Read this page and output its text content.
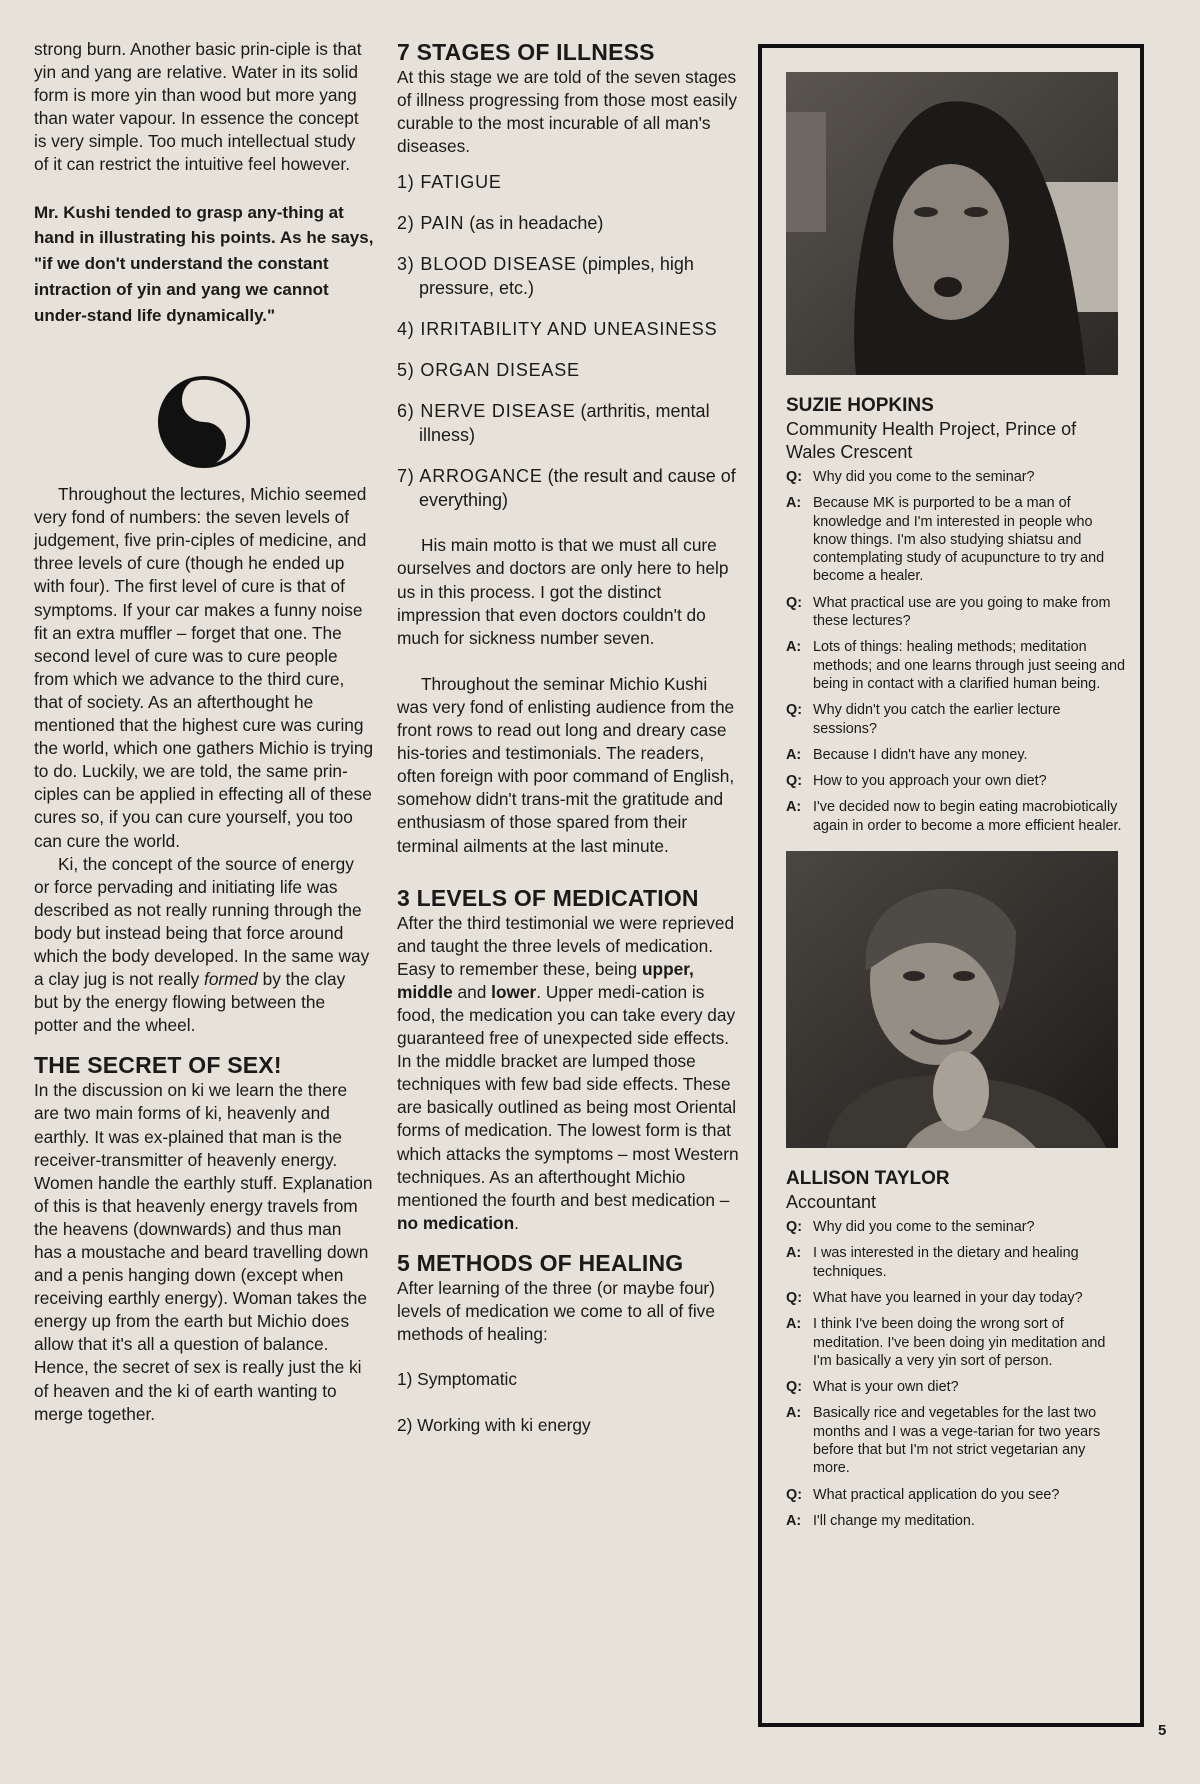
strong burn. Another basic prin-ciple is that yin and yang are relative. Water in its solid form is more yin than wood but more yang than water vapour. In essence the concept is very simple. Too much intellectual study of it can restrict the intuitive feel however.

Mr. Kushi tended to grasp any-thing at hand in illustrating his points. As he says, "if we don't understand the constant intraction of yin and yang we cannot under-stand life dynamically."

Throughout the lectures, Michio seemed very fond of numbers: the seven levels of judgement, five prin-ciples of medicine, and three levels of cure (though he ended up with four). The first level of cure is that of symptoms. If your car makes a funny noise fit an extra muffler – forget that one. The second level of cure was to cure people from which we advance to the third cure, that of society. As an afterthought he mentioned that the highest cure was curing the world, which one gathers Michio is trying to do. Luckily, we are told, the same prin-ciples can be applied in effecting all of these cures so, if you can cure yourself, you too can cure the world.

Ki, the concept of the source of energy or force pervading and initiating life was described as not really running through the body but instead being that force around which the body developed. In the same way a clay jug is not really formed by the clay but by the energy flowing between the potter and the wheel.

THE SECRET OF SEX!

In the discussion on ki we learn the there are two main forms of ki, heavenly and earthly. It was ex-plained that man is the receiver-transmitter of heavenly energy. Women handle the earthly stuff. Explanation of this is that heavenly energy travels from the heavens (downwards) and thus man has a moustache and beard travelling down and a penis hanging down (except when receiving earthly energy). Woman takes the energy up from the earth but Michio does allow that it's all a question of balance. Hence, the secret of sex is really just the ki of heaven and the ki of earth wanting to merge together.

7 STAGES OF ILLNESS

At this stage we are told of the seven stages of illness progressing from those most easily curable to the most incurable of all man's diseases.

1) FATIGUE

2) PAIN (as in headache)

3) BLOOD DISEASE (pimples, high pressure, etc.)

4) IRRITABILITY AND UNEASINESS

5) ORGAN DISEASE

6) NERVE DISEASE (arthritis, mental illness)

7) ARROGANCE (the result and cause of everything)

His main motto is that we must all cure ourselves and doctors are only here to help us in this process. I got the distinct impression that even doctors couldn't do much for sickness number seven.

Throughout the seminar Michio Kushi was very fond of enlisting audience from the front rows to read out long and dreary case his-tories and testimonials. The readers, often foreign with poor command of English, somehow didn't trans-mit the gratitude and enthusiasm of those spared from their terminal ailments at the last minute.

3 LEVELS OF MEDICATION

After the third testimonial we were reprieved and taught the three levels of medication. Easy to remember these, being upper, middle and lower. Upper medi-cation is food, the medication you can take every day guaranteed free of unexpected side effects. In the middle bracket are lumped those techniques with few bad side effects. These are basically outlined as being most Oriental forms of medication. The lowest form is that which attacks the symptoms – most Western techniques. As an afterthought Michio mentioned the fourth and best medication – no medication.

5 METHODS OF HEALING

After learning of the three (or maybe four) levels of medication we come to all of five methods of healing:

1) Symptomatic

2) Working with ki energy

SUZIE HOPKINS

Community Health Project, Prince of Wales Crescent

Q: Why did you come to the seminar?
A: Because MK is purported to be a man of knowledge and I'm interested in people who know things. I'm also studying shiatsu and contemplating study of acupuncture to try and become a healer.
Q: What practical use are you going to make from these lectures?
A: Lots of things: healing methods; meditation methods; and one learns through just seeing and being in contact with a clarified human being.
Q: Why didn't you catch the earlier lecture sessions?
A: Because I didn't have any money.
Q: How to you approach your own diet?
A: I've decided now to begin eating macrobiotically again in order to become a more efficient healer.

ALLISON TAYLOR

Accountant

Q: Why did you come to the seminar?
A: I was interested in the dietary and healing techniques.
Q: What have you learned in your day today?
A: I think I've been doing the wrong sort of meditation. I've been doing yin meditation and I'm basically a very yin sort of person.
Q: What is your own diet?
A: Basically rice and vegetables for the last two months and I was a vege-tarian for two years before that but I'm not strict vegetarian any more.
Q: What practical application do you see?
A: I'll change my meditation.
5
